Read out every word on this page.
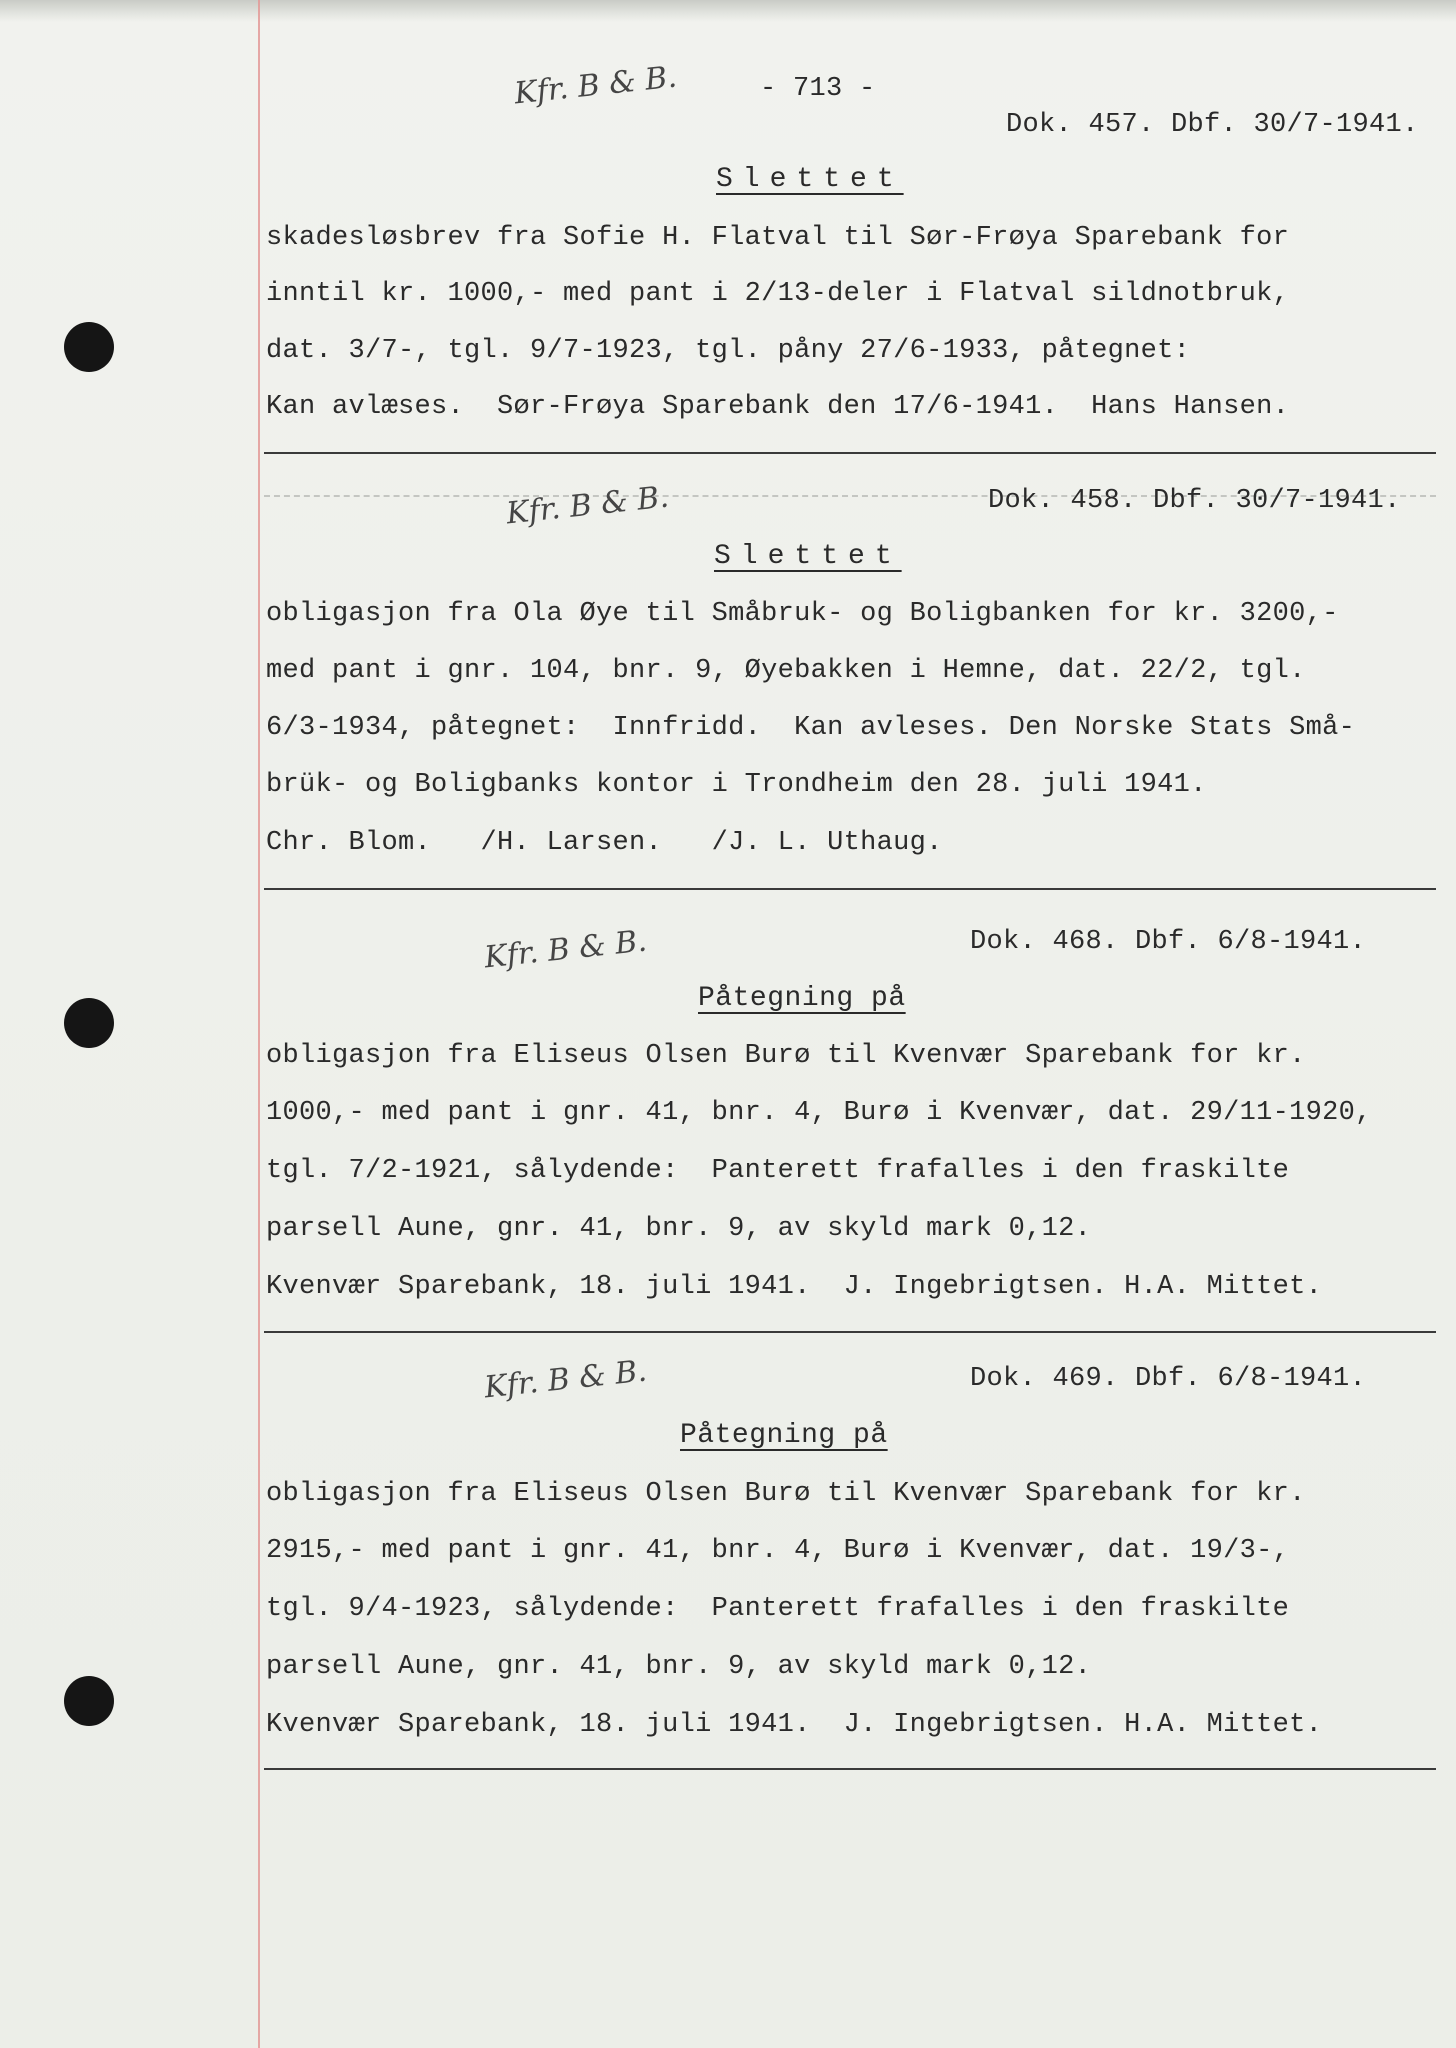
- 713 -
Kfr. B & B.
Dok. 457. Dbf. 30/7-1941.
Slettet
skadesløsbrev fra Sofie H. Flatval til Sør-Frøya Sparebank for
inntil kr. 1000,- med pant i 2/13-deler i Flatval sildnotbruk,
dat. 3/7-, tgl. 9/7-1923, tgl. påny 27/6-1933, påtegnet:
Kan avlæses.  Sør-Frøya Sparebank den 17/6-1941.  Hans Hansen.
Kfr. B & B.	Dok. 458. Dbf. 30/7-1941.
Slettet
obligasjon fra Ola Øye til Småbruk- og Boligbanken for kr. 3200,-
med pant i gnr. 104, bnr. 9, Øyebakken i Hemne, dat. 22/2, tgl.
6/3-1934, påtegnet:  Innfridd.  Kan avleses. Den Norske Stats Små-
brük- og Boligbanks kontor i Trondheim den 28. juli 1941.
Chr. Blom.   /H. Larsen.   /J. L. Uthaug.
Kfr. B & B.	Dok. 468. Dbf. 6/8-1941.
Påtegning på
obligasjon fra Eliseus Olsen Burø til Kvenvær Sparebank for kr.
1000,- med pant i gnr. 41, bnr. 4, Burø i Kvenvær, dat. 29/11-1920,
tgl. 7/2-1921, sålydende:  Panterett frafalles i den fraskilte
parsell Aune, gnr. 41, bnr. 9, av skyld mark 0,12.
Kvenvær Sparebank, 18. juli 1941.  J. Ingebrigtsen. H.A. Mittet.
Kfr. B & B.	Dok. 469. Dbf. 6/8-1941.
Påtegning på
obligasjon fra Eliseus Olsen Burø til Kvenvær Sparebank for kr.
2915,- med pant i gnr. 41, bnr. 4, Burø i Kvenvær, dat. 19/3-,
tgl. 9/4-1923, sålydende:  Panterett frafalles i den fraskilte
parsell Aune, gnr. 41, bnr. 9, av skyld mark 0,12.
Kvenvær Sparebank, 18. juli 1941.  J. Ingebrigtsen. H.A. Mittet.
